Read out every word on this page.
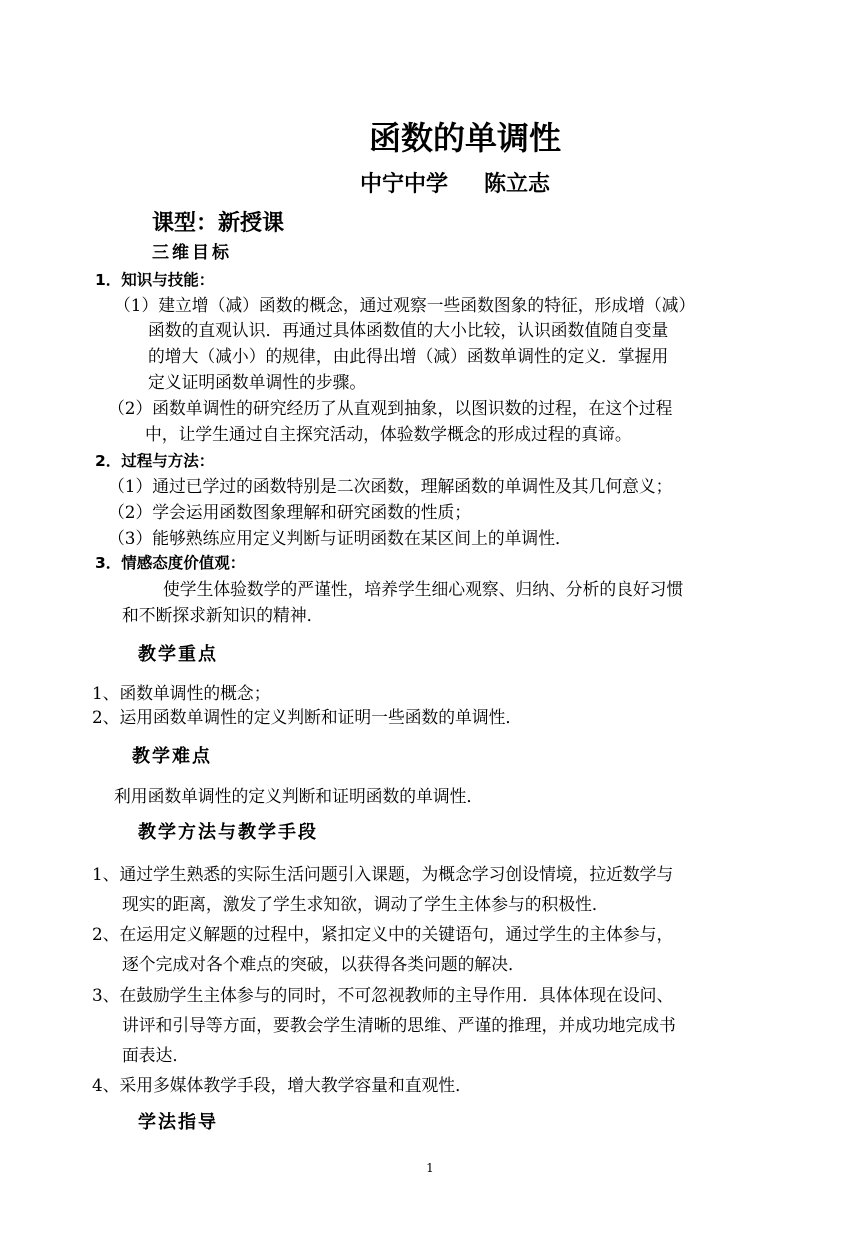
函数的单调性
中宁中学 陈立志
课型：新授课
三维目标
1．知识与技能：
（1）建立增（减）函数的概念，通过观察一些函数图象的特征，形成增（减）
函数的直观认识．再通过具体函数值的大小比较，认识函数值随自变量
的增大（减小）的规律，由此得出增（减）函数单调性的定义．掌握用
定义证明函数单调性的步骤。
（2）函数单调性的研究经历了从直观到抽象，以图识数的过程，在这个过程
中，让学生通过自主探究活动，体验数学概念的形成过程的真谛。
2．过程与方法：
（1）通过已学过的函数特别是二次函数，理解函数的单调性及其几何意义；
（2）学会运用函数图象理解和研究函数的性质；
（3）能够熟练应用定义判断与证明函数在某区间上的单调性．
3．情感态度价值观：
使学生体验数学的严谨性，培养学生细心观察、归纳、分析的良好习惯
和不断探求新知识的精神．
教学重点
1、函数单调性的概念；
2、运用函数单调性的定义判断和证明一些函数的单调性．
教学难点
利用函数单调性的定义判断和证明函数的单调性．
教学方法与教学手段
1、通过学生熟悉的实际生活问题引入课题，为概念学习创设情境，拉近数学与
现实的距离，激发了学生求知欲，调动了学生主体参与的积极性．
2、在运用定义解题的过程中，紧扣定义中的关键语句，通过学生的主体参与，
逐个完成对各个难点的突破，以获得各类问题的解决．
3、在鼓励学生主体参与的同时，不可忽视教师的主导作用．具体体现在设问、
讲评和引导等方面，要教会学生清晰的思维、严谨的推理，并成功地完成书
面表达．
4、采用多媒体教学手段，增大教学容量和直观性．
学法指导
1
